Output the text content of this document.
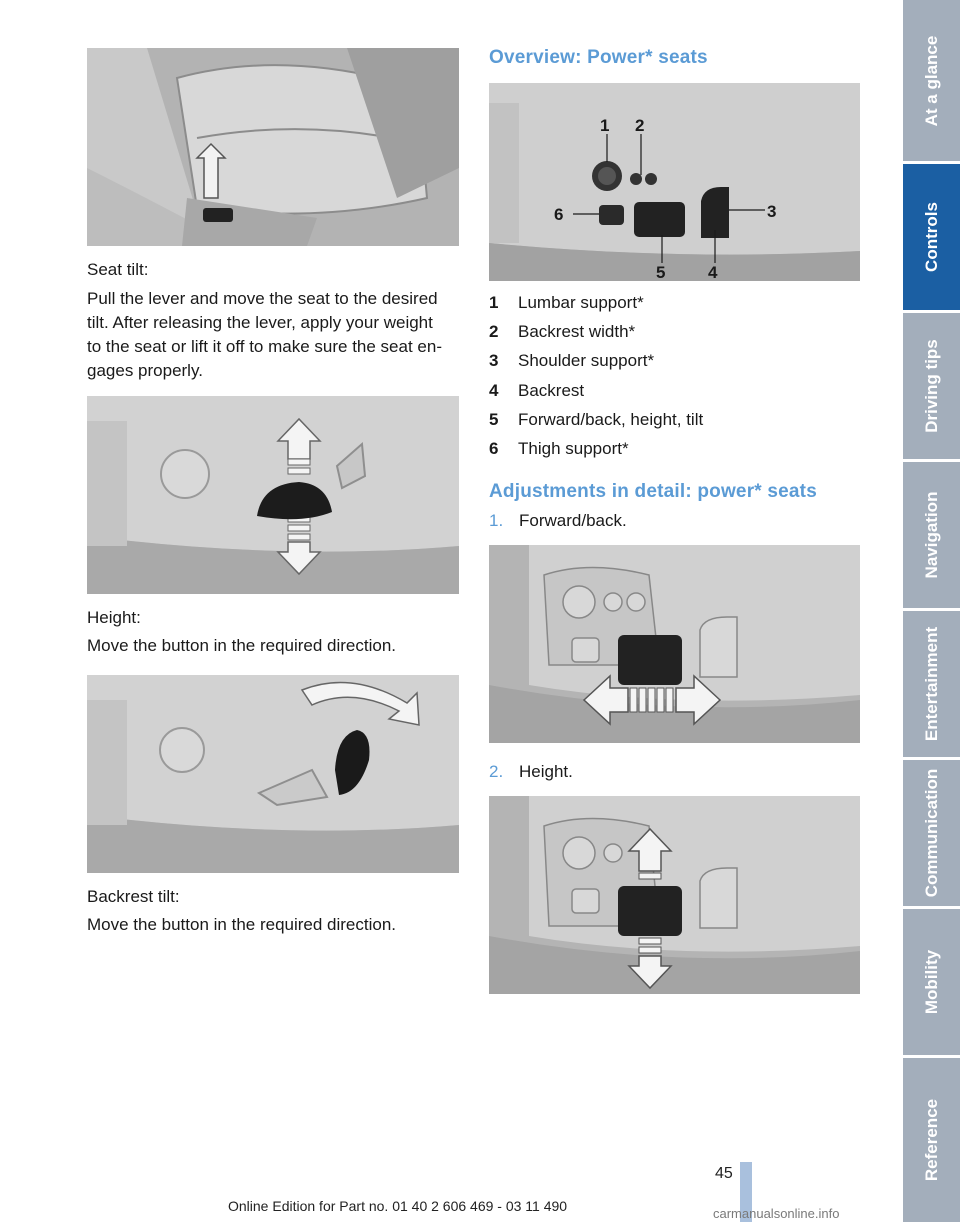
Seat tilt:
Pull the lever and move the seat to the desired
tilt. After releasing the lever, apply your weight
to the seat or lift it off to make sure the seat en‐
gages properly.
Height:
Move the button in the required direction.
Backrest tilt:
Move the button in the required direction.
Overview: Power* seats
1 2
3
4
5
6
1	Lumbar support*
2	Backrest width*
3	Shoulder support*
4	Backrest
5	Forward/back, height, tilt
6	Thigh support*
Adjustments in detail: power* seats
1. Forward/back.
2. Height.
At a glance
Controls
Driving tips
Navigation
Entertainment
Communication
Mobility
Reference
45
Online Edition for Part no. 01 40 2 606 469 - 03 11 490	carmanualsonline.info
